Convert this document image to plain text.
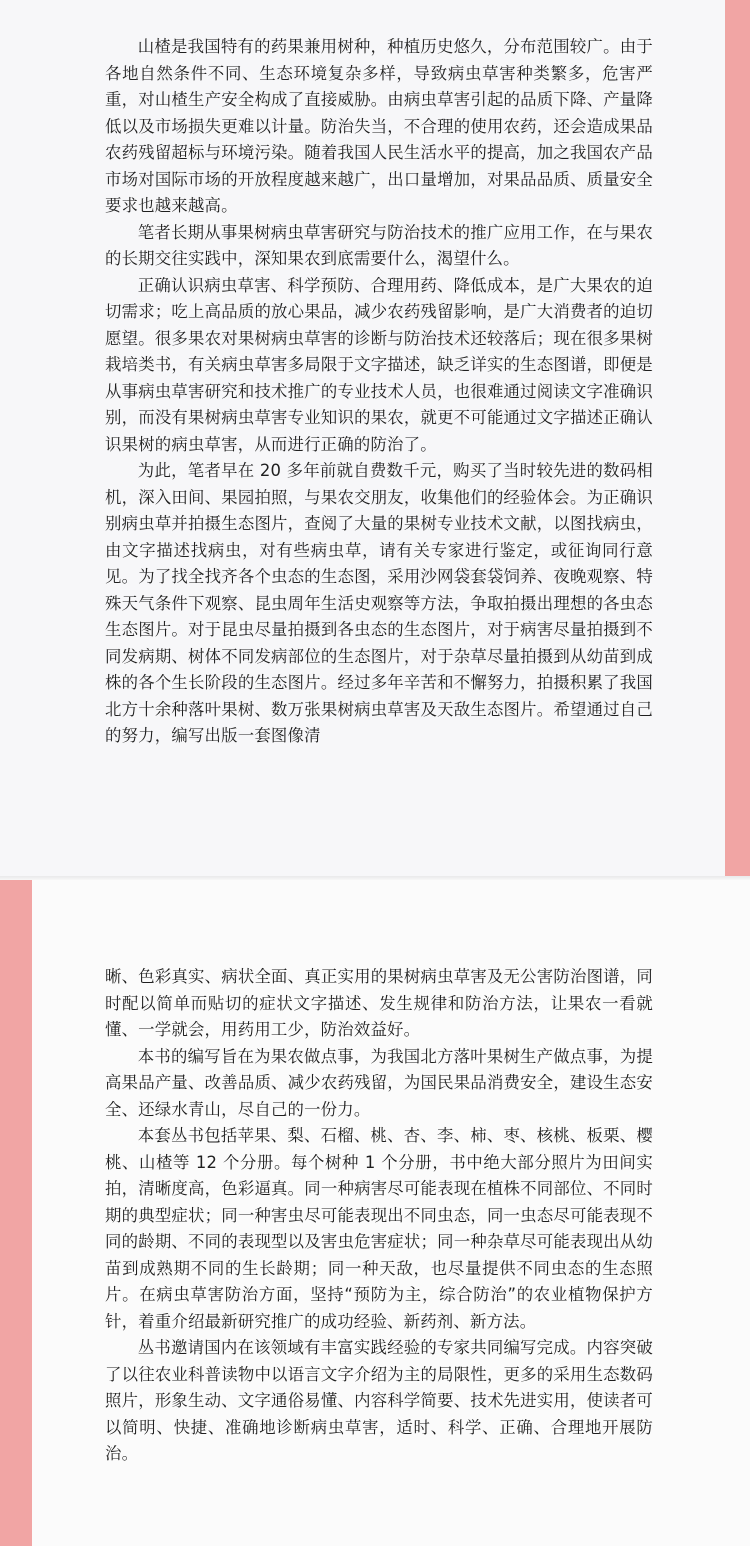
山楂是我国特有的药果兼用树种，种植历史悠久，分布范围较广。由于各地自然条件不同、生态环境复杂多样，导致病虫草害种类繁多，危害严重，对山楂生产安全构成了直接威胁。由病虫草害引起的品质下降、产量降低以及市场损失更难以计量。防治失当，不合理的使用农药，还会造成果品农药残留超标与环境污染。随着我国人民生活水平的提高，加之我国农产品市场对国际市场的开放程度越来越广，出口量增加，对果品品质、质量安全要求也越来越高。

笔者长期从事果树病虫草害研究与防治技术的推广应用工作，在与果农的长期交往实践中，深知果农到底需要什么，渴望什么。

正确认识病虫草害、科学预防、合理用药、降低成本，是广大果农的迫切需求；吃上高品质的放心果品，减少农药残留影响，是广大消费者的迫切愿望。很多果农对果树病虫草害的诊断与防治技术还较落后；现在很多果树栽培类书，有关病虫草害多局限于文字描述，缺乏详实的生态图谱，即便是从事病虫草害研究和技术推广的专业技术人员，也很难通过阅读文字准确识别，而没有果树病虫草害专业知识的果农，就更不可能通过文字描述正确认识果树的病虫草害，从而进行正确的防治了。

为此，笔者早在 20 多年前就自费数千元，购买了当时较先进的数码相机，深入田间、果园拍照，与果农交朋友，收集他们的经验体会。为正确识别病虫草并拍摄生态图片，查阅了大量的果树专业技术文献，以图找病虫，由文字描述找病虫，对有些病虫草，请有关专家进行鉴定，或征询同行意见。为了找全找齐各个虫态的生态图，采用沙网袋套袋饲养、夜晚观察、特殊天气条件下观察、昆虫周年生活史观察等方法，争取拍摄出理想的各虫态生态图片。对于昆虫尽量拍摄到各虫态的生态图片，对于病害尽量拍摄到不同发病期、树体不同发病部位的生态图片，对于杂草尽量拍摄到从幼苗到成株的各个生长阶段的生态图片。经过多年辛苦和不懈努力，拍摄积累了我国北方十余种落叶果树、数万张果树病虫草害及天敌生态图片。希望通过自己的努力，编写出版一套图像清

晰、色彩真实、病状全面、真正实用的果树病虫草害及无公害防治图谱，同时配以简单而贴切的症状文字描述、发生规律和防治方法，让果农一看就懂、一学就会，用药用工少，防治效益好。

本书的编写旨在为果农做点事，为我国北方落叶果树生产做点事，为提高果品产量、改善品质、减少农药残留，为国民果品消费安全，建设生态安全、还绿水青山，尽自己的一份力。

本套丛书包括苹果、梨、石榴、桃、杏、李、柿、枣、核桃、板栗、樱桃、山楂等 12 个分册。每个树种 1 个分册，书中绝大部分照片为田间实拍，清晰度高，色彩逼真。同一种病害尽可能表现在植株不同部位、不同时期的典型症状；同一种害虫尽可能表现出不同虫态，同一虫态尽可能表现不同的龄期、不同的表现型以及害虫危害症状；同一种杂草尽可能表现出从幼苗到成熟期不同的生长龄期；同一种天敌，也尽量提供不同虫态的生态照片。在病虫草害防治方面，坚持“预防为主，综合防治”的农业植物保护方针，着重介绍最新研究推广的成功经验、新药剂、新方法。

丛书邀请国内在该领域有丰富实践经验的专家共同编写完成。内容突破了以往农业科普读物中以语言文字介绍为主的局限性，更多的采用生态数码照片，形象生动、文字通俗易懂、内容科学简要、技术先进实用，使读者可以简明、快捷、准确地诊断病虫草害，适时、科学、正确、合理地开展防治。
